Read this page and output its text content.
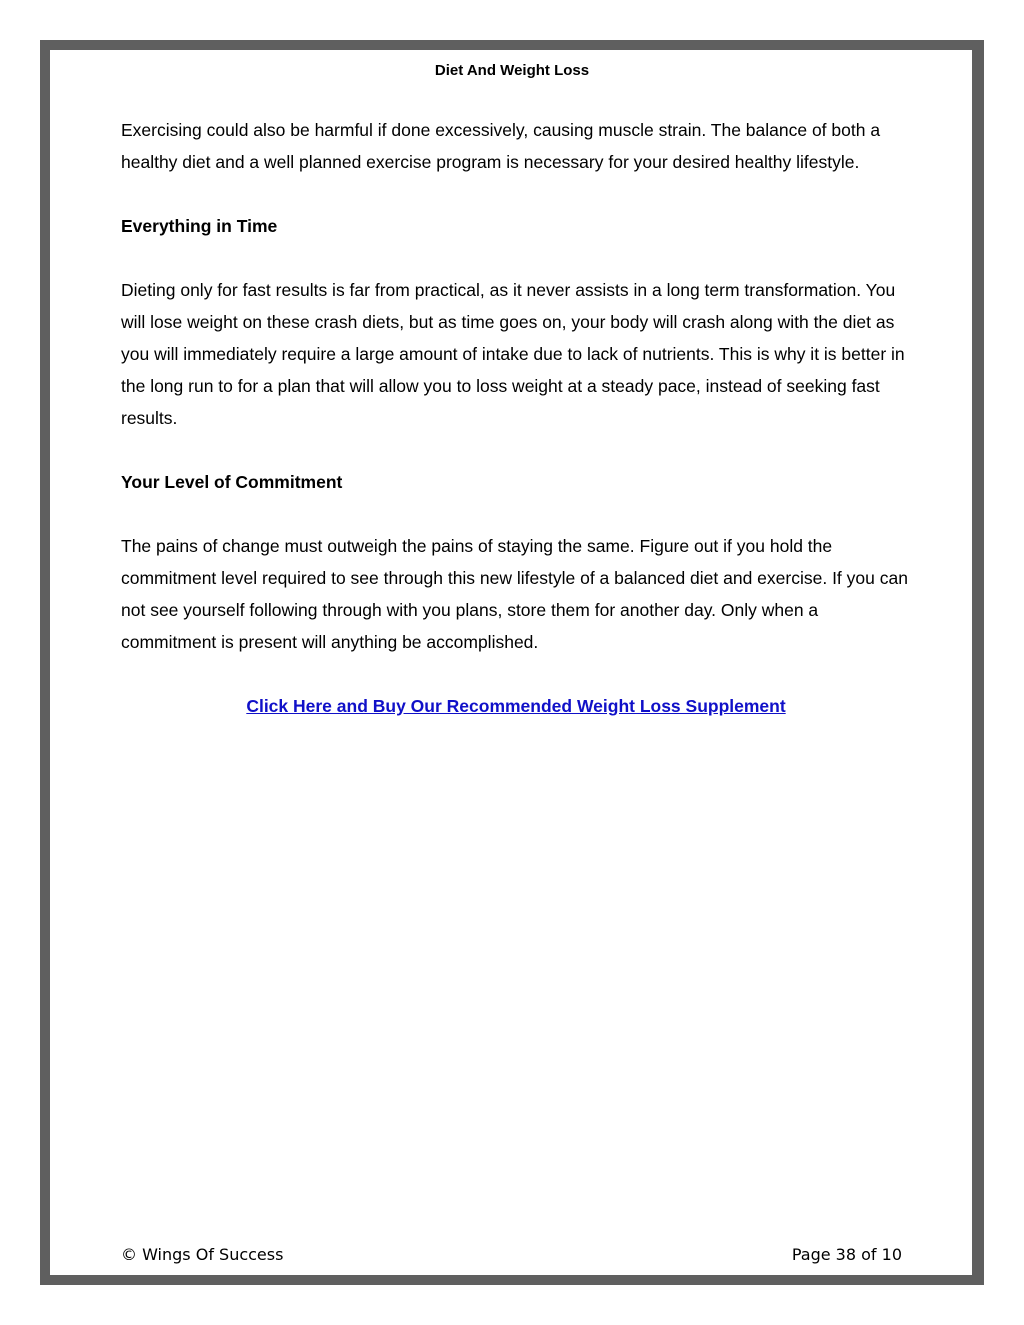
Diet And Weight Loss

Exercising could also be harmful if done excessively, causing muscle strain. The balance of both a healthy diet and a well planned exercise program is necessary for your desired healthy lifestyle.

Everything in Time

Dieting only for fast results is far from practical, as it never assists in a long term transformation. You will lose weight on these crash diets, but as time goes on, your body will crash along with the diet as you will immediately require a large amount of intake due to lack of nutrients. This is why it is better in the long run to for a plan that will allow you to loss weight at a steady pace, instead of seeking fast results.

Your Level of Commitment

The pains of change must outweigh the pains of staying the same. Figure out if you hold the commitment level required to see through this new lifestyle of a balanced diet and exercise. If you can not see yourself following through with you plans, store them for another day. Only when a commitment is present will anything be accomplished.

Click Here and Buy Our Recommended Weight Loss Supplement

© Wings Of Success	Page 38 of 10
